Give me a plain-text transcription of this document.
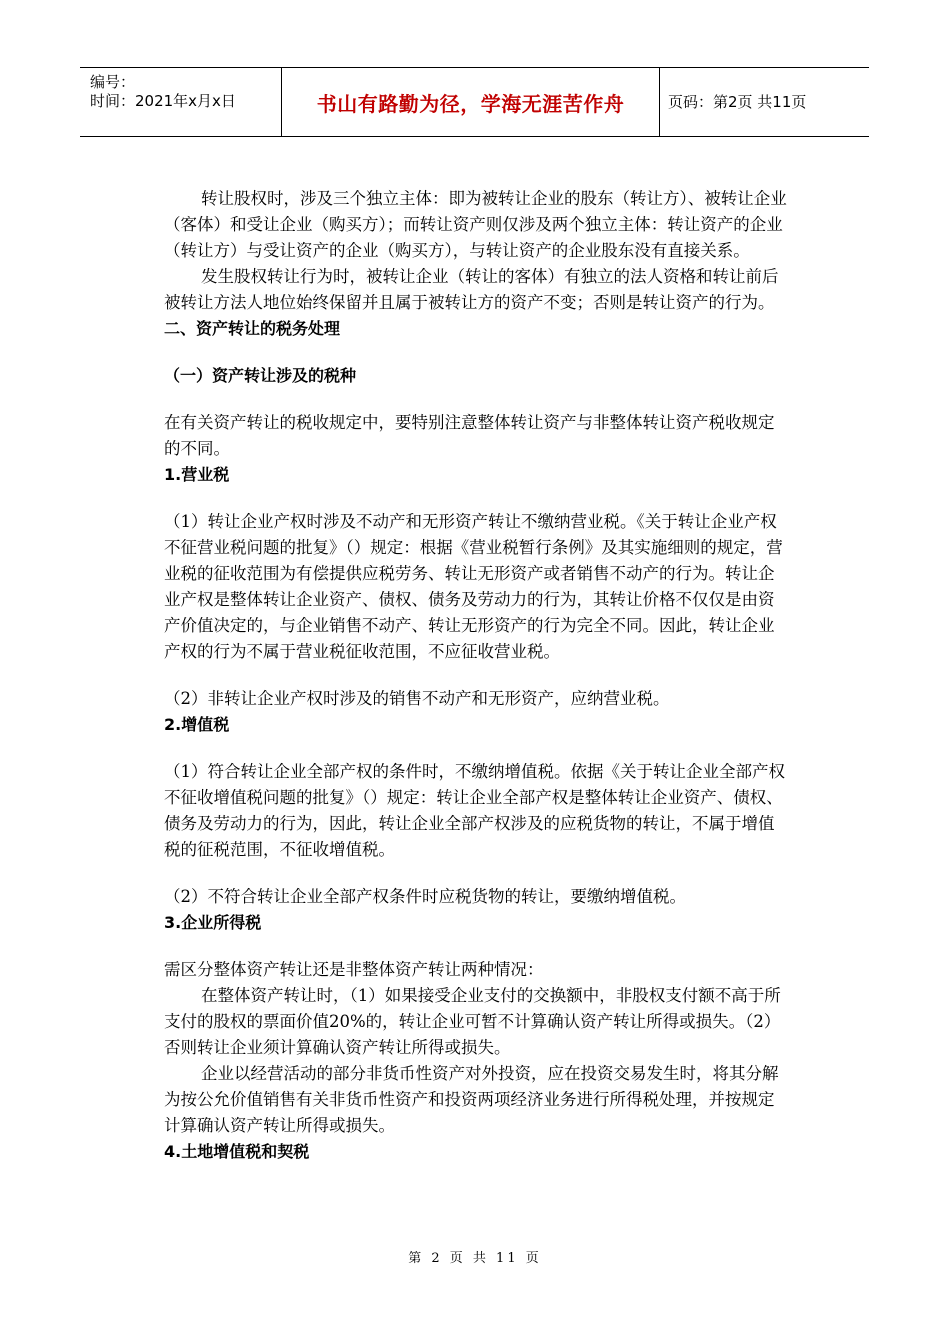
编号：
时间：2021年x月x日	书山有路勤为径，学海无涯苦作舟	页码：第2页 共11页

转让股权时，涉及三个独立主体：即为被转让企业的股东（转让方）、被转让企业（客体）和受让企业（购买方）；而转让资产则仅涉及两个独立主体：转让资产的企业（转让方）与受让资产的企业（购买方），与转让资产的企业股东没有直接关系。

发生股权转让行为时，被转让企业（转让的客体）有独立的法人资格和转让前后被转让方法人地位始终保留并且属于被转让方的资产不变；否则是转让资产的行为。

二、资产转让的税务处理

（一）资产转让涉及的税种

在有关资产转让的税收规定中，要特别注意整体转让资产与非整体转让资产税收规定的不同。

1.营业税

（1）转让企业产权时涉及不动产和无形资产转让不缴纳营业税。《关于转让企业产权不征营业税问题的批复》（）规定：根据《营业税暂行条例》及其实施细则的规定，营业税的征收范围为有偿提供应税劳务、转让无形资产或者销售不动产的行为。转让企业产权是整体转让企业资产、债权、债务及劳动力的行为，其转让价格不仅仅是由资产价值决定的，与企业销售不动产、转让无形资产的行为完全不同。因此，转让企业产权的行为不属于营业税征收范围，不应征收营业税。

（2）非转让企业产权时涉及的销售不动产和无形资产，应纳营业税。

2.增值税

（1）符合转让企业全部产权的条件时，不缴纳增值税。依据《关于转让企业全部产权不征收增值税问题的批复》（）规定：转让企业全部产权是整体转让企业资产、债权、债务及劳动力的行为，因此，转让企业全部产权涉及的应税货物的转让，不属于增值税的征税范围，不征收增值税。

（2）不符合转让企业全部产权条件时应税货物的转让，要缴纳增值税。

3.企业所得税

需区分整体资产转让还是非整体资产转让两种情况：

在整体资产转让时，（1）如果接受企业支付的交换额中，非股权支付额不高于所支付的股权的票面价值20%的，转让企业可暂不计算确认资产转让所得或损失。（2）否则转让企业须计算确认资产转让所得或损失。

企业以经营活动的部分非货币性资产对外投资，应在投资交易发生时，将其分解为按公允价值销售有关非货币性资产和投资两项经济业务进行所得税处理，并按规定计算确认资产转让所得或损失。

4.土地增值税和契税

第 2 页 共 11 页
